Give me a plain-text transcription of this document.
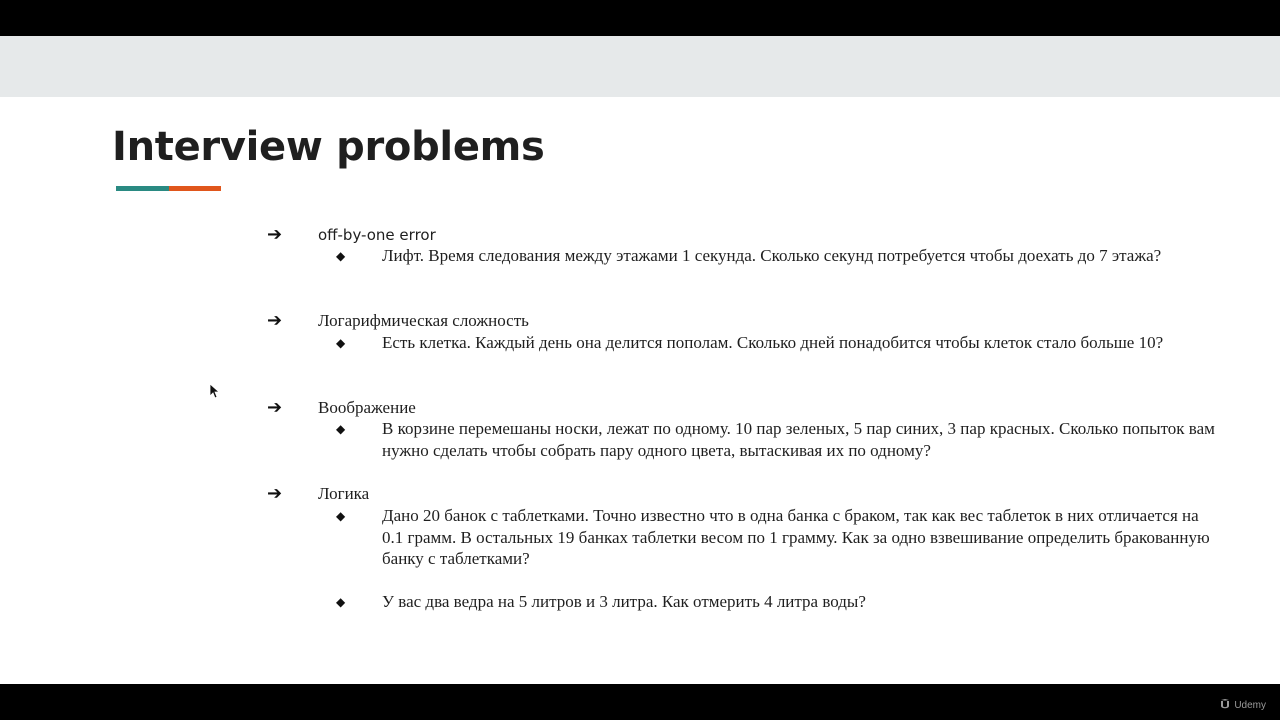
Interview problems
➔ off-by-one error
◆ Лифт. Время следования между этажами 1 секунда. Сколько секунд потребуется чтобы доехать до 7 этажа?
➔ Логарифмическая сложность
◆ Есть клетка. Каждый день она делится пополам. Сколько дней понадобится чтобы клеток стало больше 10?
➔ Воображение
◆ В корзине перемешаны носки, лежат по одному. 10 пар зеленых, 5 пар синих, 3 пар красных. Сколько попыток вам нужно сделать чтобы собрать пару одного цвета, вытаскивая их по одному?
➔ Логика
◆ Дано 20 банок с таблетками. Точно известно что в одна банка с браком, так как вес таблеток в них отличается на 0.1 грамм. В остальных 19 банках таблетки весом по 1 грамму. Как за одно взвешивание определить бракованную банку с таблетками?
◆ У вас два ведра на 5 литров и 3 литра. Как отмерить 4 литра воды?
Udemy
